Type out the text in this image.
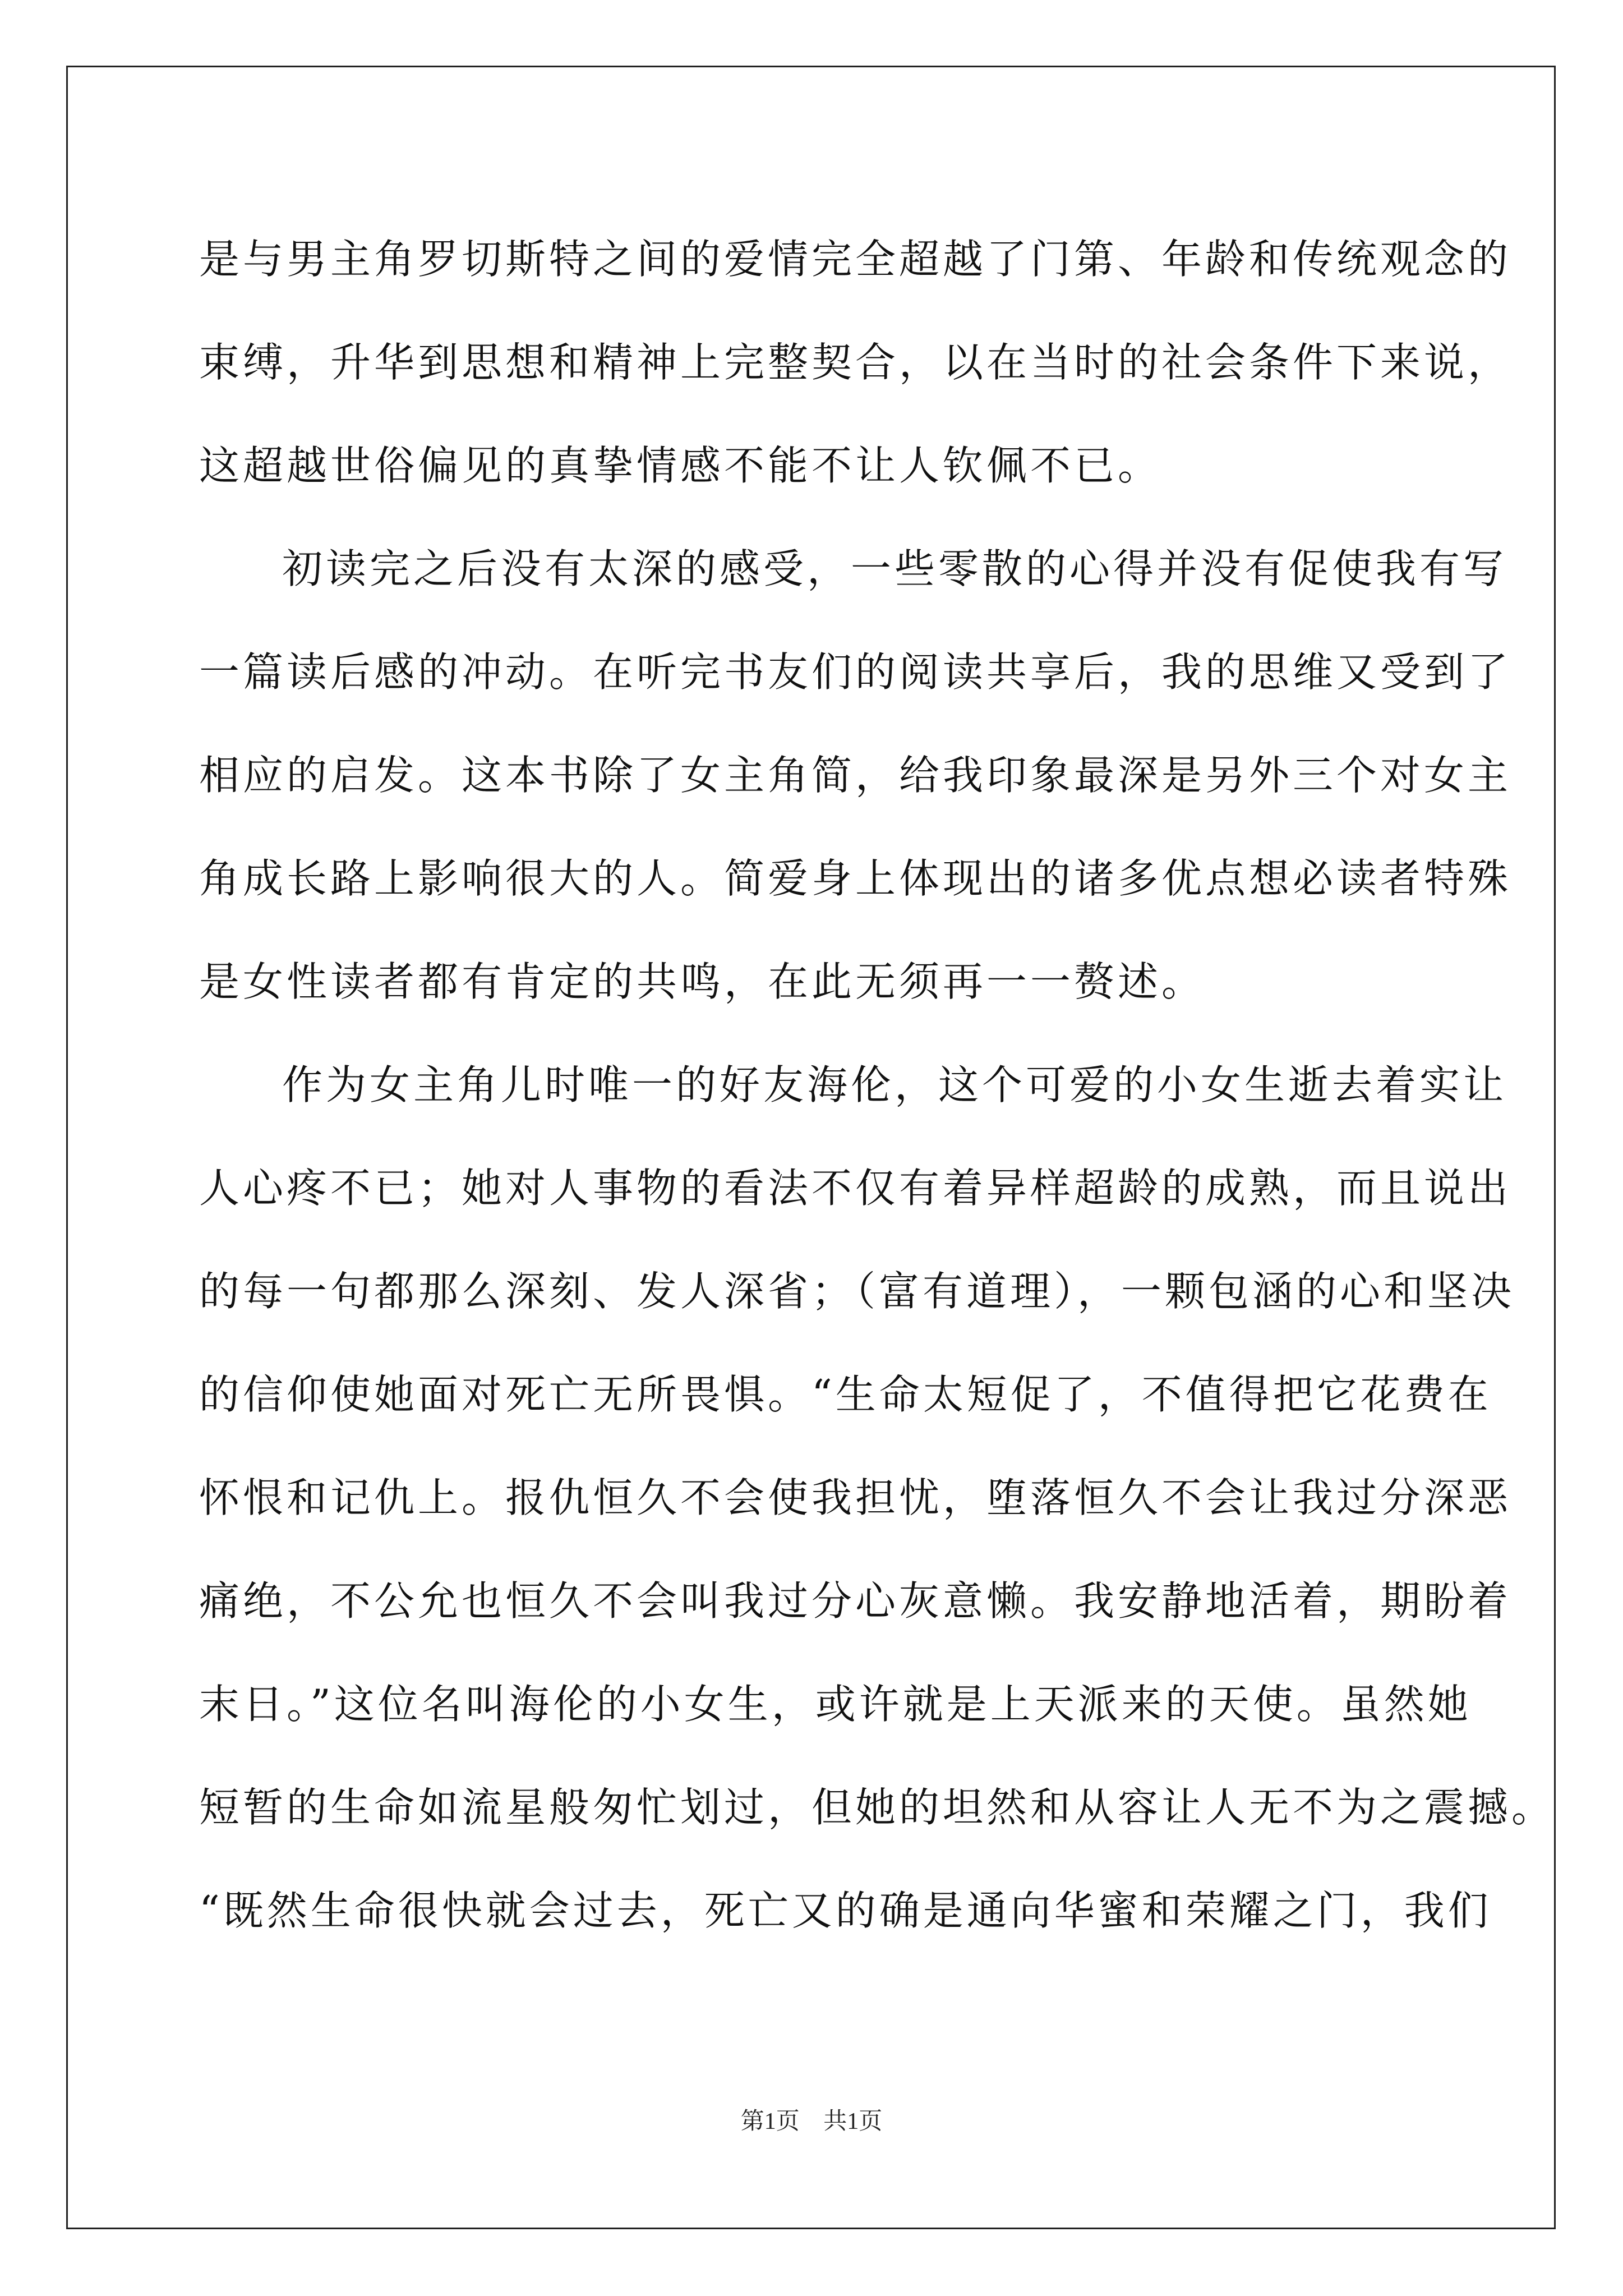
是与男主角罗切斯特之间的爱情完全超越了门第、年龄和传统观念的
束缚，升华到思想和精神上完整契合，以在当时的社会条件下来说，
这超越世俗偏见的真挚情感不能不让人钦佩不已。
初读完之后没有太深的感受，一些零散的心得并没有促使我有写
一篇读后感的冲动。在听完书友们的阅读共享后，我的思维又受到了
相应的启发。这本书除了女主角简，给我印象最深是另外三个对女主
角成长路上影响很大的人。简爱身上体现出的诸多优点想必读者特殊
是女性读者都有肯定的共鸣，在此无须再一一赘述。
作为女主角儿时唯一的好友海伦，这个可爱的小女生逝去着实让
人心疼不已；她对人事物的看法不仅有着异样超龄的成熟，而且说出
的每一句都那么深刻、发人深省；（富有道理），一颗包涵的心和坚决
的信仰使她面对死亡无所畏惧。“生命太短促了，不值得把它花费在
怀恨和记仇上。报仇恒久不会使我担忧，堕落恒久不会让我过分深恶
痛绝，不公允也恒久不会叫我过分心灰意懒。我安静地活着，期盼着
末日。”这位名叫海伦的小女生，或许就是上天派来的天使。虽然她
短暂的生命如流星般匆忙划过，但她的坦然和从容让人无不为之震撼。
“既然生命很快就会过去，死亡又的确是通向华蜜和荣耀之门，我们
第1页 共1页
